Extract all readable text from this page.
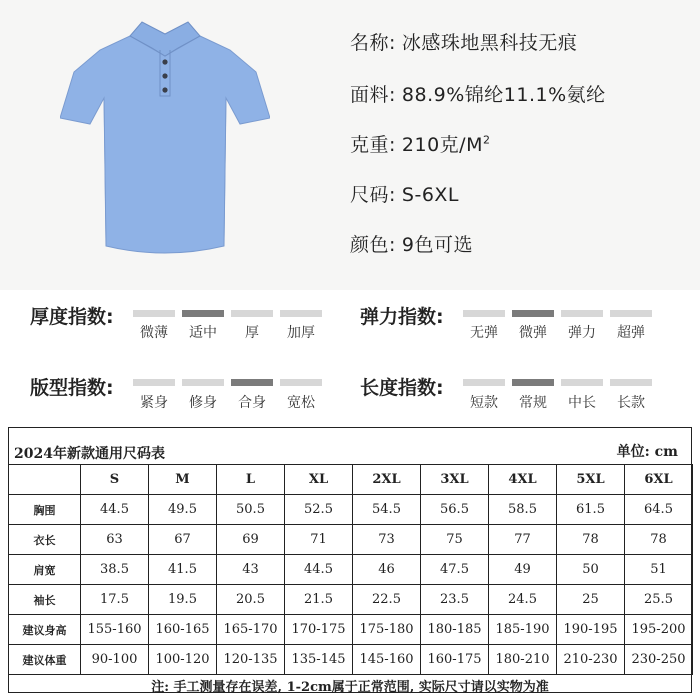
名称: 冰感珠地黑科技无痕
面料: 88.9%锦纶11.1%氨纶
克重: 210克$/M^2$
尺码: S-6XL
颜色: 9色可选
厚度指数:
微薄	适中	厚	加厚
弹力指数:
无弹	微弹	弹力	超弹
版型指数:
紧身	修身	合身	宽松
长度指数:
短款	常规	中长	长款
2024年新款通用尺码表	单位: cm
	S	M	L	XL	2XL	3XL	4XL	5XL	6XL
胸围	44.5	49.5	50.5	52.5	54.5	56.5	58.5	61.5	64.5
衣长	63	67	69	71	73	75	77	78	78
肩宽	38.5	41.5	43	44.5	46	47.5	49	50	51
袖长	17.5	19.5	20.5	21.5	22.5	23.5	24.5	25	25.5
建议身高	155-160	160-165	165-170	170-175	175-180	180-185	185-190	190-195	195-200
建议体重	90-100	100-120	120-135	135-145	145-160	160-175	180-210	210-230	230-250
注: 手工测量存在误差, 1-2cm属于正常范围, 实际尺寸请以实物为准
